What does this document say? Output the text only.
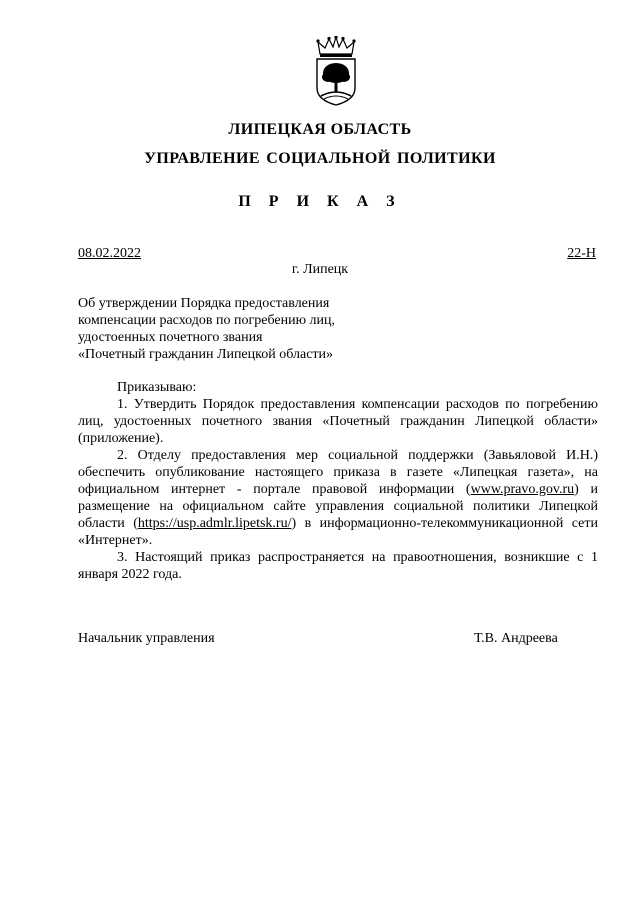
ЛИПЕЦКАЯ ОБЛАСТЬ
УПРАВЛЕНИЕ СОЦИАЛЬНОЙ ПОЛИТИКИ
П Р И К А З
08.02.2022	22-Н
г. Липецк
Об утверждении Порядка предоставления
компенсации расходов по погребению лиц,
удостоенных почетного звания
«Почетный гражданин Липецкой области»

Приказываю:

1. Утвердить Порядок предоставления компенсации расходов по погребению лиц, удостоенных почетного звания «Почетный гражданин Липецкой области» (приложение).

2. Отделу предоставления мер социальной поддержки (Завьяловой И.Н.) обеспечить опубликование настоящего приказа в газете «Липецкая газета», на официальном интернет - портале правовой информации (www.pravo.gov.ru) и размещение на официальном сайте управления социальной политики Липецкой области (https://usp.admlr.lipetsk.ru/) в информационно-телекоммуникационной сети «Интернет».

3. Настоящий приказ распространяется на правоотношения, возникшие с 1 января 2022 года.

Начальник управления	Т.В. Андреева
